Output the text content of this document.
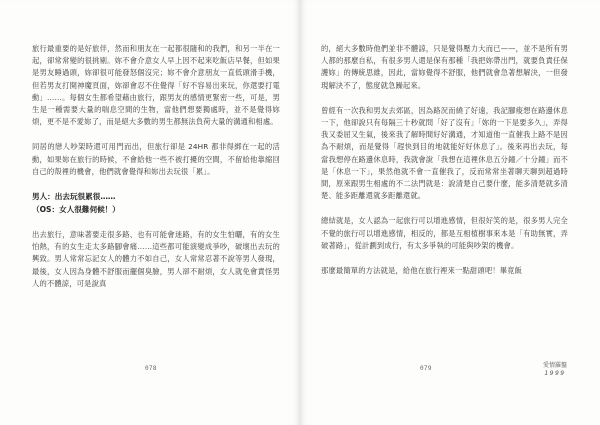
旅行最重要的是好旅伴，然而和朋友在一起都很隨和的我們，和另一半在一起，卻常常變的很挑剔。妳不會介意女人早上因不起來吃飯店早餐，但如果是男友睡過頭，妳卻很可能發怒個沒完；妳不會介意朋友一直低頭滑手機，但若男友打開神魔頁面，妳卻會忍不住覺得「好不容易出來玩，你還要打電動」……。每個女生都希望藉由旅行，跟男友的感情更緊密一些，可是，男生是一種需要大量的喘息空間的生物，當他們想要獨處時，並不是覺得妳煩，更不是不愛妳了，而是絕大多數的男生都無法負荷大量的溝通和相處。

同居的戀人吵架時還可用門而出，但旅行卻是 24HR 都非得綁在一起的活動，如果妳在旅行的時候，不會給他一些不被打擾的空間，不留給他靠縮回自己的殼裡的機會，他們就會覺得和妳出去玩很「累」。

男人：出去玩很累很……

（OS：女人很難伺候！）

出去旅行，意味著要走很多路、也有可能會迷路，有的女生怕曬，有的女生怕熱，有的女生走太多路腳會痛……這些都可能演變成爭吵，破壞出去玩的興致。男人常常忘記女人的體力不如自己，女人常常忍著不說等男人發現，最後，女人因為身體不舒服而擺個臭臉，男人卻不耐煩，女人就免會責怪男人的不體諒，可是說真

078

的，絕大多數時他們並非不體諒，只是覺得壓力大而已——，並不是所有男人都的那麼自私，有很多男人還是保有那種「我把妳帶出門，就要負責任保護妳」的傳統思維，因此，當妳覺得不舒服，他們就會急著想解決，一但發現解決不了，態度就急躁起來。

曾經有一次我和男友去郊區，因為路況而繞了好遠，我記腳痠想在路邊休息一下，他卻說只有每隔三十秒就問「好了沒有」「妳的一下是要多久」，弄得我又委屈又生氣，後來我了解時間好好溝通，才知道他一直催我上路不是因為不耐煩，而是覺得「趕快到目的地就能好好休息了」。後來再出去玩，每當我想停在路邊休息時，我就會說「我想在這裡休息五分鐘／十分鐘」而不是「休息一下」，果然他就不會一直催我了，反而常常坐著聊天聊到超過時間，原來跟男生相處的不二法門就是：說清楚自己要什麼，能多清楚就多清楚、能多距離還就多距離還就。

總結就是，女人認為一起旅行可以增進感情，但很好笑的是，很多男人完全不覺的旅行可以增進感情，相反的，都是互相植樹事來本是「有助無實，弄破著路」，從計劃到成行，有太多爭執的可能與吵架的機會。

那麼最簡單的方法就是，給他在旅行裡來一點甜頭吧！畢竟飯

079	愛情羅盤
1999
